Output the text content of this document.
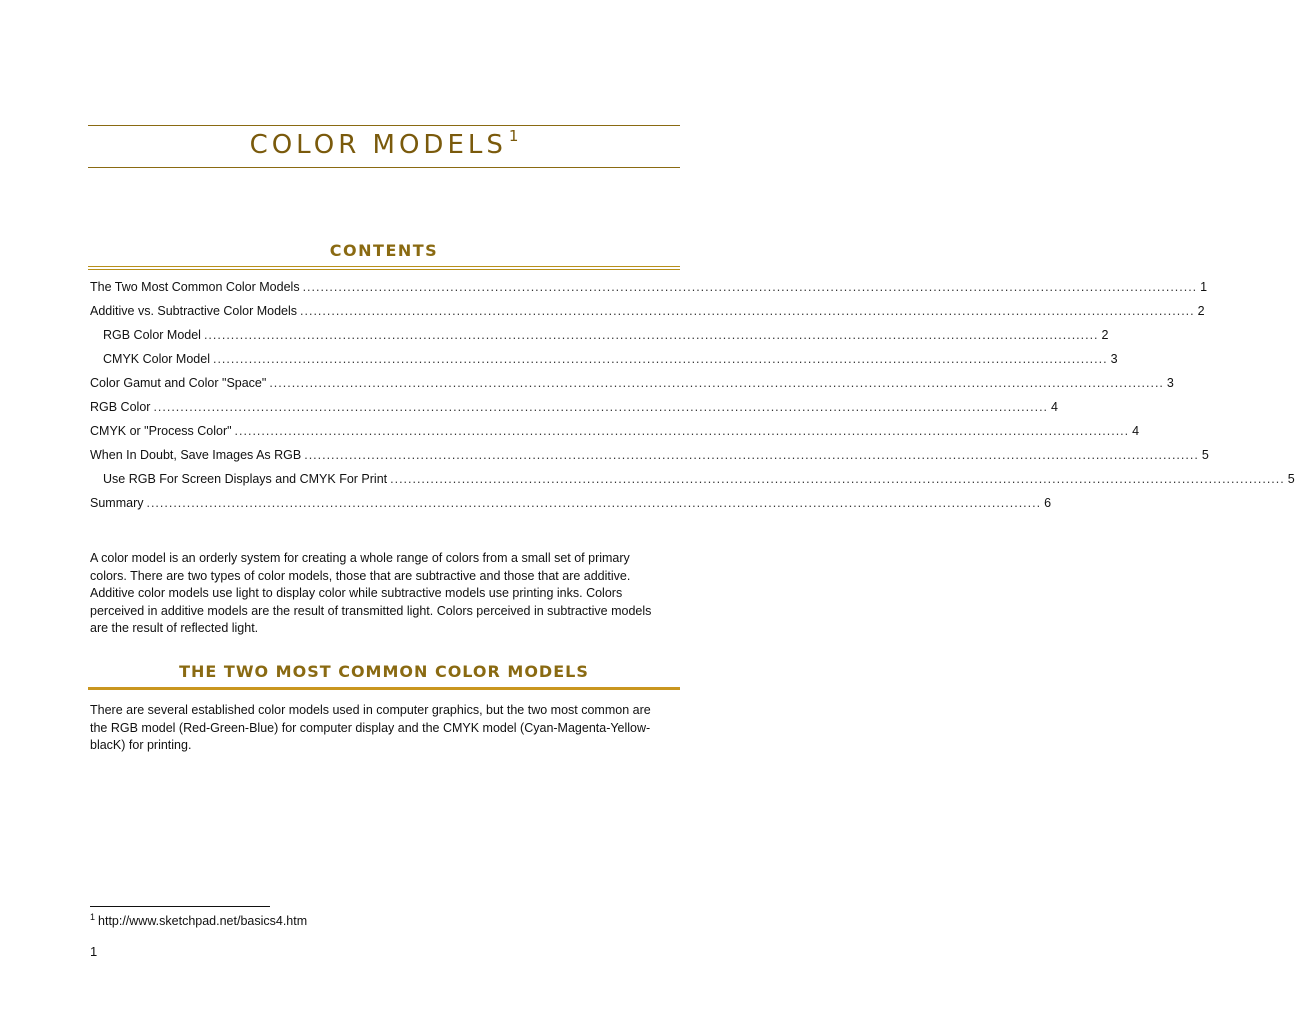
COLOR MODELS $^1$
CONTENTS
The Two Most Common Color Models ........................................................................................................................................................................................................ 1
Additive vs. Subtractive Color Models ........................................................................................................................................................................................................ 2
RGB Color Model ........................................................................................................................................................................................................ 2
CMYK Color Model ........................................................................................................................................................................................................ 3
Color Gamut and Color "Space" ........................................................................................................................................................................................................ 3
RGB Color ........................................................................................................................................................................................................ 4
CMYK or "Process Color" ........................................................................................................................................................................................................ 4
When In Doubt, Save Images As RGB ........................................................................................................................................................................................................ 5
Use RGB For Screen Displays and CMYK For Print ........................................................................................................................................................................................................ 5
Summary ........................................................................................................................................................................................................ 6
A color model is an orderly system for creating a whole range of colors from a small set of primary colors. There are two types of color models, those that are subtractive and those that are additive. Additive color models use light to display color while subtractive models use printing inks. Colors perceived in additive models are the result of transmitted light. Colors perceived in subtractive models are the result of reflected light.
THE TWO MOST COMMON COLOR MODELS
There are several established color models used in computer graphics, but the two most common are the RGB model (Red-Green-Blue) for computer display and the CMYK model (Cyan-Magenta-Yellow-blacK) for printing.
$^1$ http://www.sketchpad.net/basics4.htm
1
